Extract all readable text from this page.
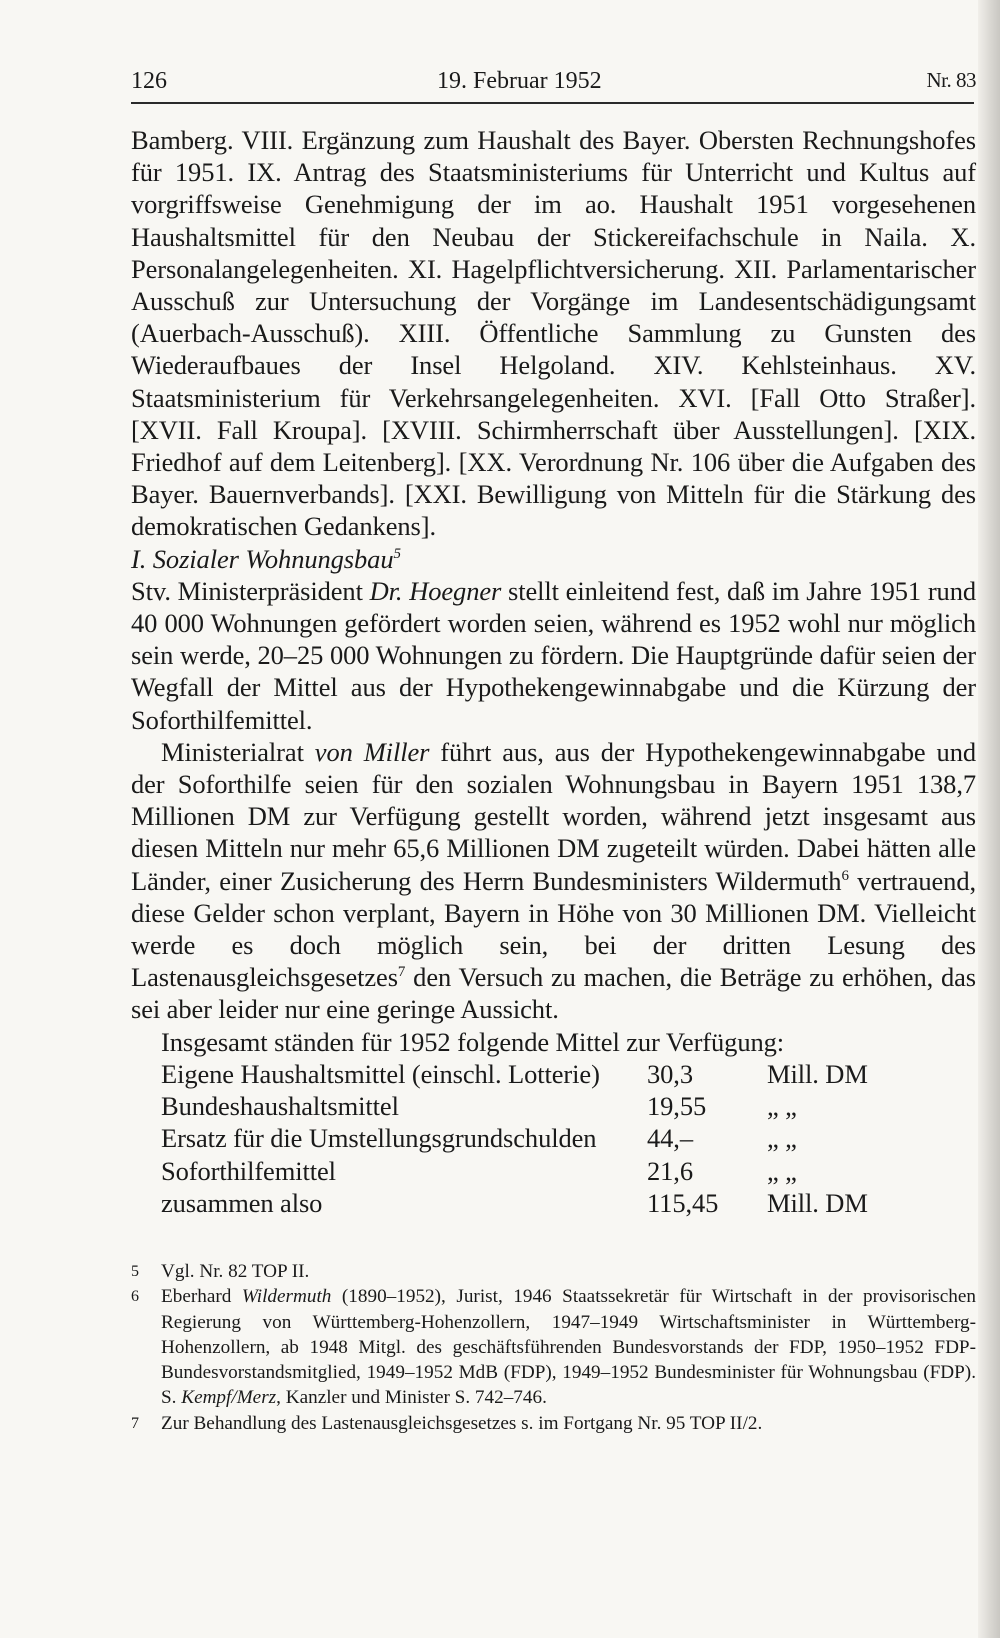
126	19. Februar 1952	Nr. 83

Bamberg. VIII. Ergänzung zum Haushalt des Bayer. Obersten Rechnungshofes für 1951. IX. Antrag des Staatsministeriums für Unterricht und Kultus auf vorgriffsweise Genehmigung der im ao. Haushalt 1951 vorgesehenen Haushaltsmittel für den Neubau der Stickereifachschule in Naila. X. Personalangelegenheiten. XI. Hagelpflichtversicherung. XII. Parlamentarischer Ausschuß zur Untersuchung der Vorgänge im Landesentschädigungsamt (Auerbach-Ausschuß). XIII. Öffentliche Sammlung zu Gunsten des Wiederaufbaues der Insel Helgoland. XIV. Kehlsteinhaus. XV. Staatsministerium für Verkehrsangelegenheiten. XVI. [Fall Otto Straßer]. [XVII. Fall Kroupa]. [XVIII. Schirmherrschaft über Ausstellungen]. [XIX. Friedhof auf dem Leitenberg]. [XX. Verordnung Nr. 106 über die Aufgaben des Bayer. Bauernverbands]. [XXI. Bewilligung von Mitteln für die Stärkung des demokratischen Gedankens].

I. Sozialer Wohnungsbau$^5$

Stv. Ministerpräsident Dr. Hoegner stellt einleitend fest, daß im Jahre 1951 rund 40 000 Wohnungen gefördert worden seien, während es 1952 wohl nur möglich sein werde, 20–25 000 Wohnungen zu fördern. Die Hauptgründe dafür seien der Wegfall der Mittel aus der Hypothekengewinnabgabe und die Kürzung der Soforthilfemittel.

Ministerialrat von Miller führt aus, aus der Hypothekengewinnabgabe und der Soforthilfe seien für den sozialen Wohnungsbau in Bayern 1951 138,7 Millionen DM zur Verfügung gestellt worden, während jetzt insgesamt aus diesen Mitteln nur mehr 65,6 Millionen DM zugeteilt würden. Dabei hätten alle Länder, einer Zusicherung des Herrn Bundesministers Wildermuth$^6$ vertrauend, diese Gelder schon verplant, Bayern in Höhe von 30 Millionen DM. Vielleicht werde es doch möglich sein, bei der dritten Lesung des Lastenausgleichsgesetzes$^7$ den Versuch zu machen, die Beträge zu erhöhen, das sei aber leider nur eine geringe Aussicht.

Insgesamt ständen für 1952 folgende Mittel zur Verfügung:
Eigene Haushaltsmittel (einschl. Lotterie)	30,3	Mill. DM
Bundeshaushaltsmittel	19,55	„ „
Ersatz für die Umstellungsgrundschulden	44,–	„ „
Soforthilfemittel	21,6	„ „
zusammen also	115,45	Mill. DM
5 Vgl. Nr. 82 TOP II.
6 Eberhard Wildermuth (1890–1952), Jurist, 1946 Staatssekretär für Wirtschaft in der provisorischen Regierung von Württemberg-Hohenzollern, 1947–1949 Wirtschaftsminister in Württemberg-Hohenzollern, ab 1948 Mitgl. des geschäftsführenden Bundesvorstands der FDP, 1950–1952 FDP-Bundesvorstandsmitglied, 1949–1952 MdB (FDP), 1949–1952 Bundesminister für Wohnungsbau (FDP). S. Kempf/Merz, Kanzler und Minister S. 742–746.
7 Zur Behandlung des Lastenausgleichsgesetzes s. im Fortgang Nr. 95 TOP II/2.
